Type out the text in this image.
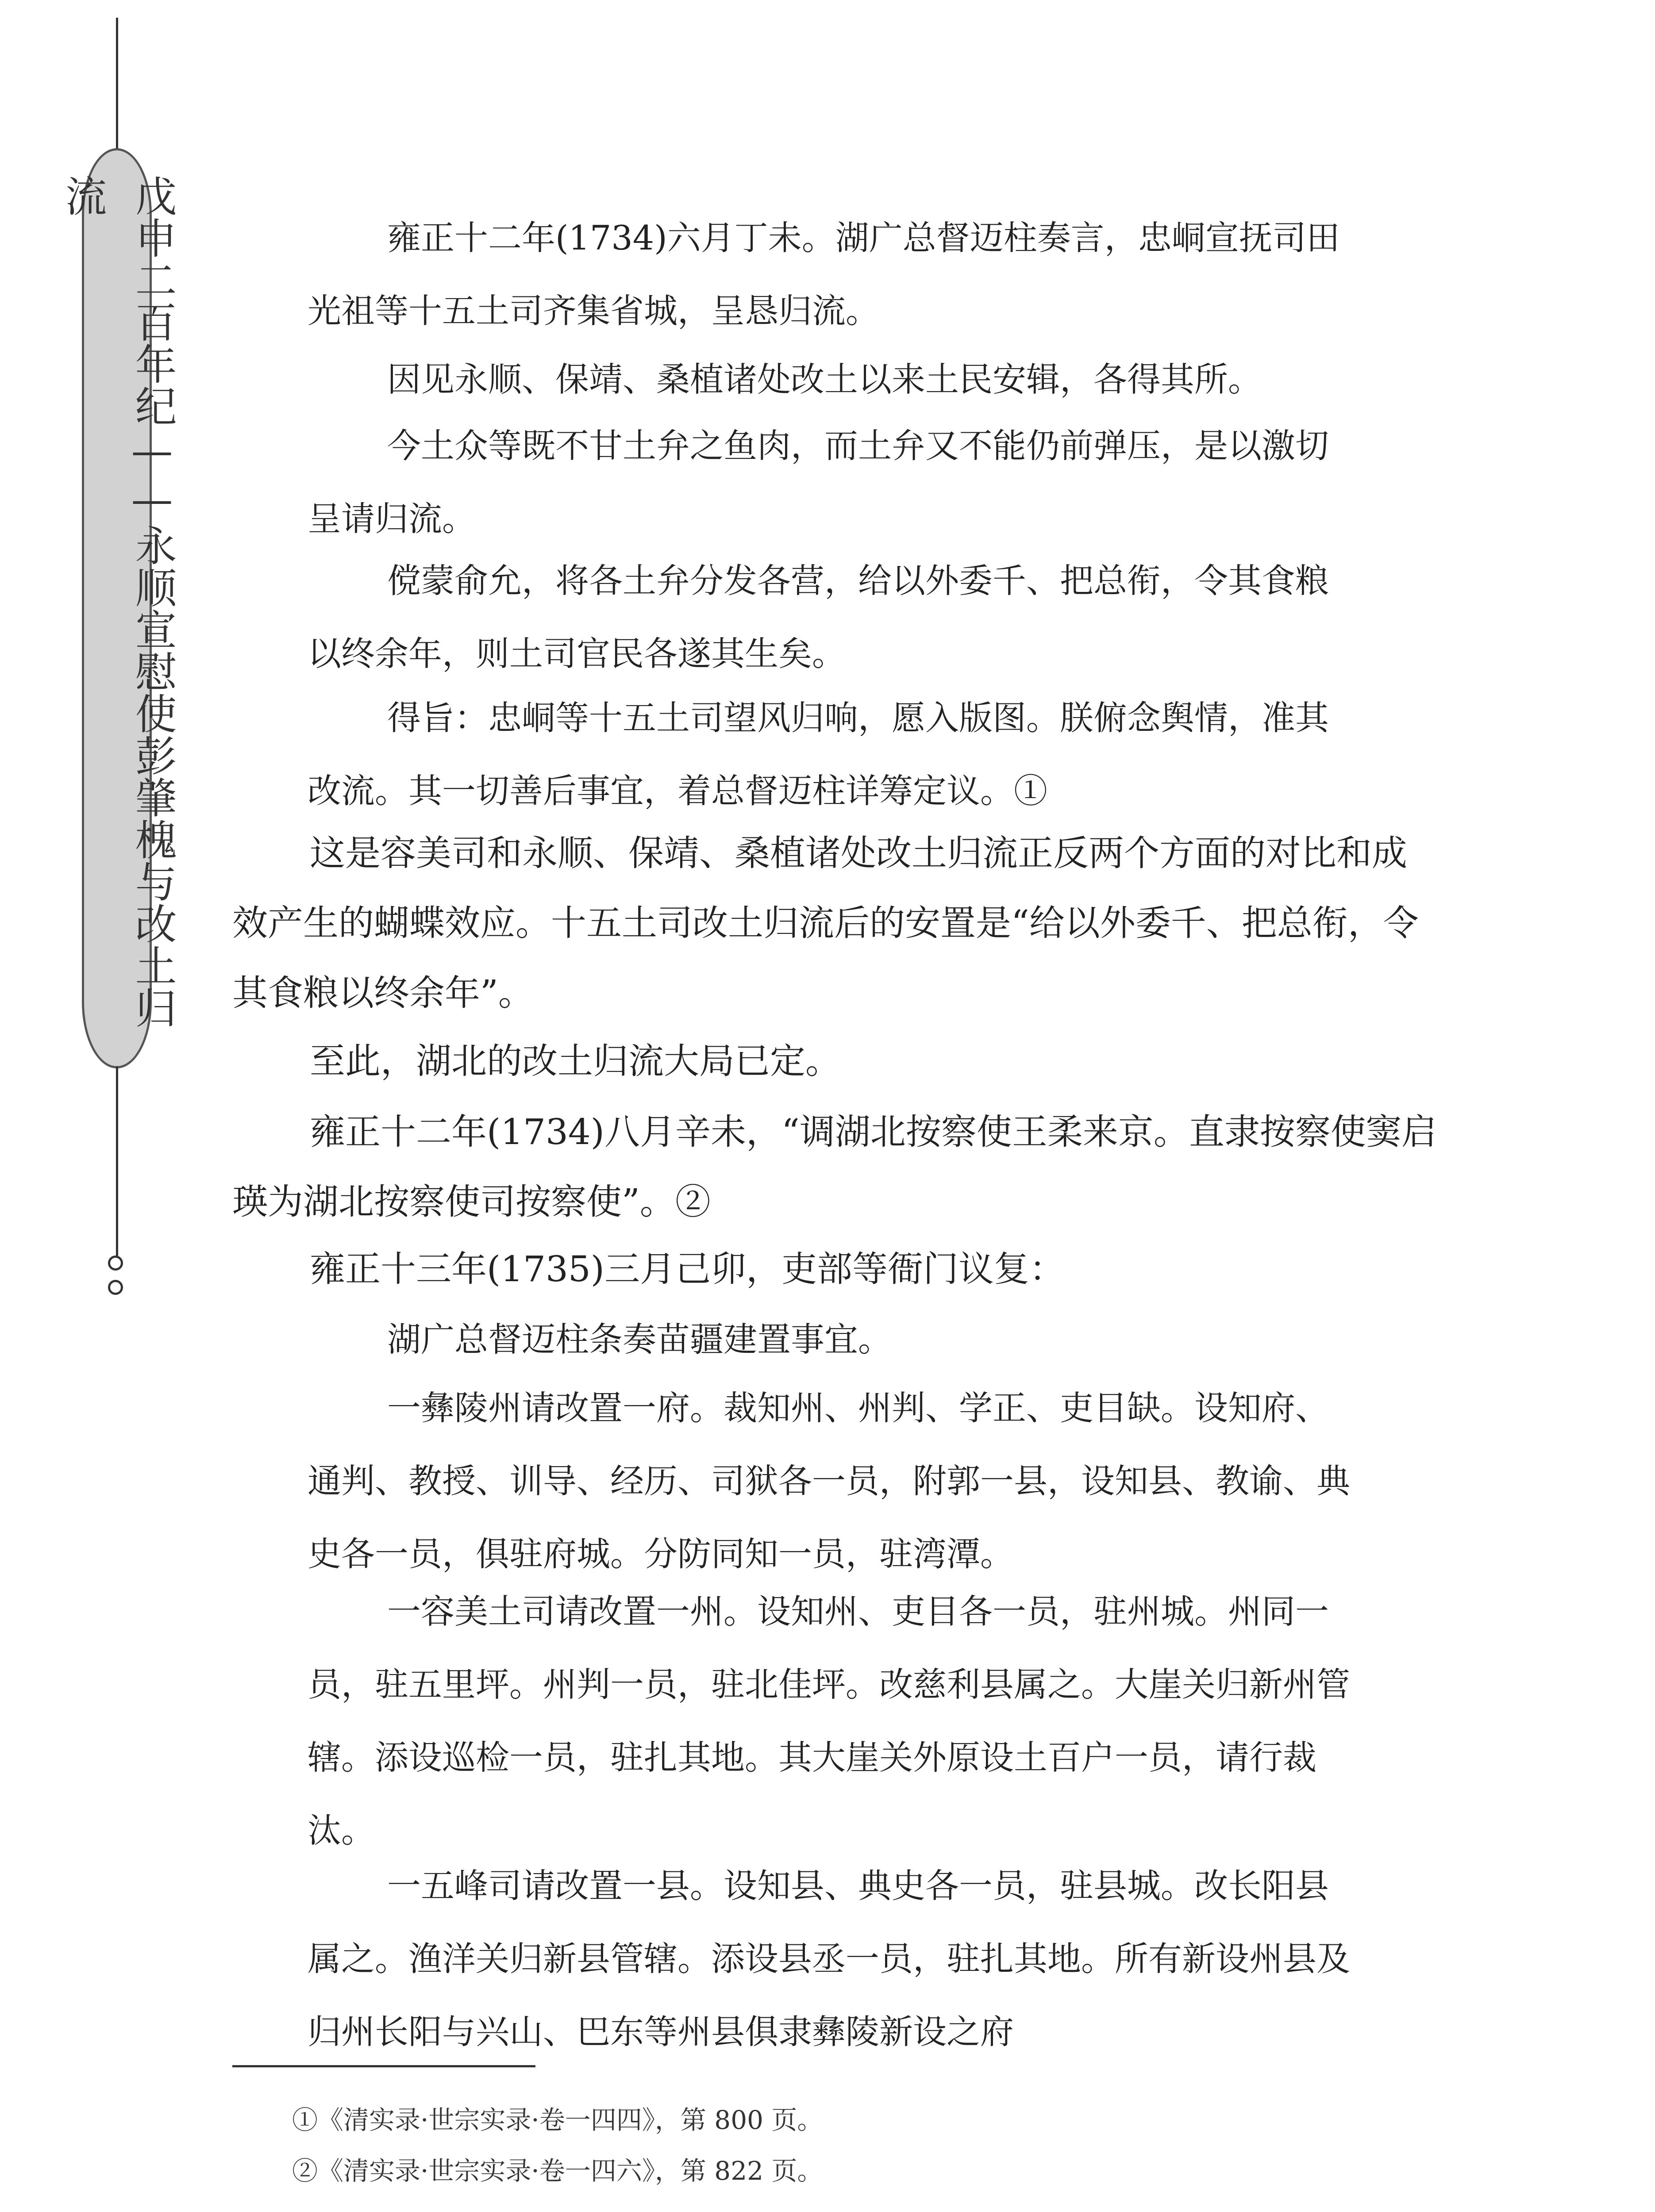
戊申二百年纪——永顺宣慰使彭肇槐与改土归流

雍正十二年(1734)六月丁未。湖广总督迈柱奏言，忠峒宣抚司田光祖等十五土司齐集省城，呈恳归流。

因见永顺、保靖、桑植诸处改土以来土民安辑，各得其所。

今土众等既不甘土弁之鱼肉，而土弁又不能仍前弹压，是以激切呈请归流。

傥蒙俞允，将各土弁分发各营，给以外委千、把总衔，令其食粮以终余年，则土司官民各遂其生矣。

得旨：忠峒等十五土司望风归响，愿入版图。朕俯念舆情，准其改流。其一切善后事宜，着总督迈柱详筹定议。①

这是容美司和永顺、保靖、桑植诸处改土归流正反两个方面的对比和成效产生的蝴蝶效应。十五土司改土归流后的安置是“给以外委千、把总衔，令其食粮以终余年”。

至此，湖北的改土归流大局已定。

雍正十二年(1734)八月辛未，“调湖北按察使王柔来京。直隶按察使窦启瑛为湖北按察使司按察使”。②

雍正十三年(1735)三月己卯，吏部等衙门议复：

湖广总督迈柱条奏苗疆建置事宜。

一彝陵州请改置一府。裁知州、州判、学正、吏目缺。设知府、通判、教授、训导、经历、司狱各一员，附郭一县，设知县、教谕、典史各一员，俱驻府城。分防同知一员，驻湾潭。

一容美土司请改置一州。设知州、吏目各一员，驻州城。州同一员，驻五里坪。州判一员，驻北佳坪。改慈利县属之。大崖关归新州管辖。添设巡检一员，驻扎其地。其大崖关外原设土百户一员，请行裁汰。

一五峰司请改置一县。设知县、典史各一员，驻县城。改长阳县属之。渔洋关归新县管辖。添设县丞一员，驻扎其地。所有新设州县及归州长阳与兴山、巴东等州县俱隶彝陵新设之府

①《清实录·世宗实录·卷一四四》，第 800 页。
②《清实录·世宗实录·卷一四六》，第 822 页。
